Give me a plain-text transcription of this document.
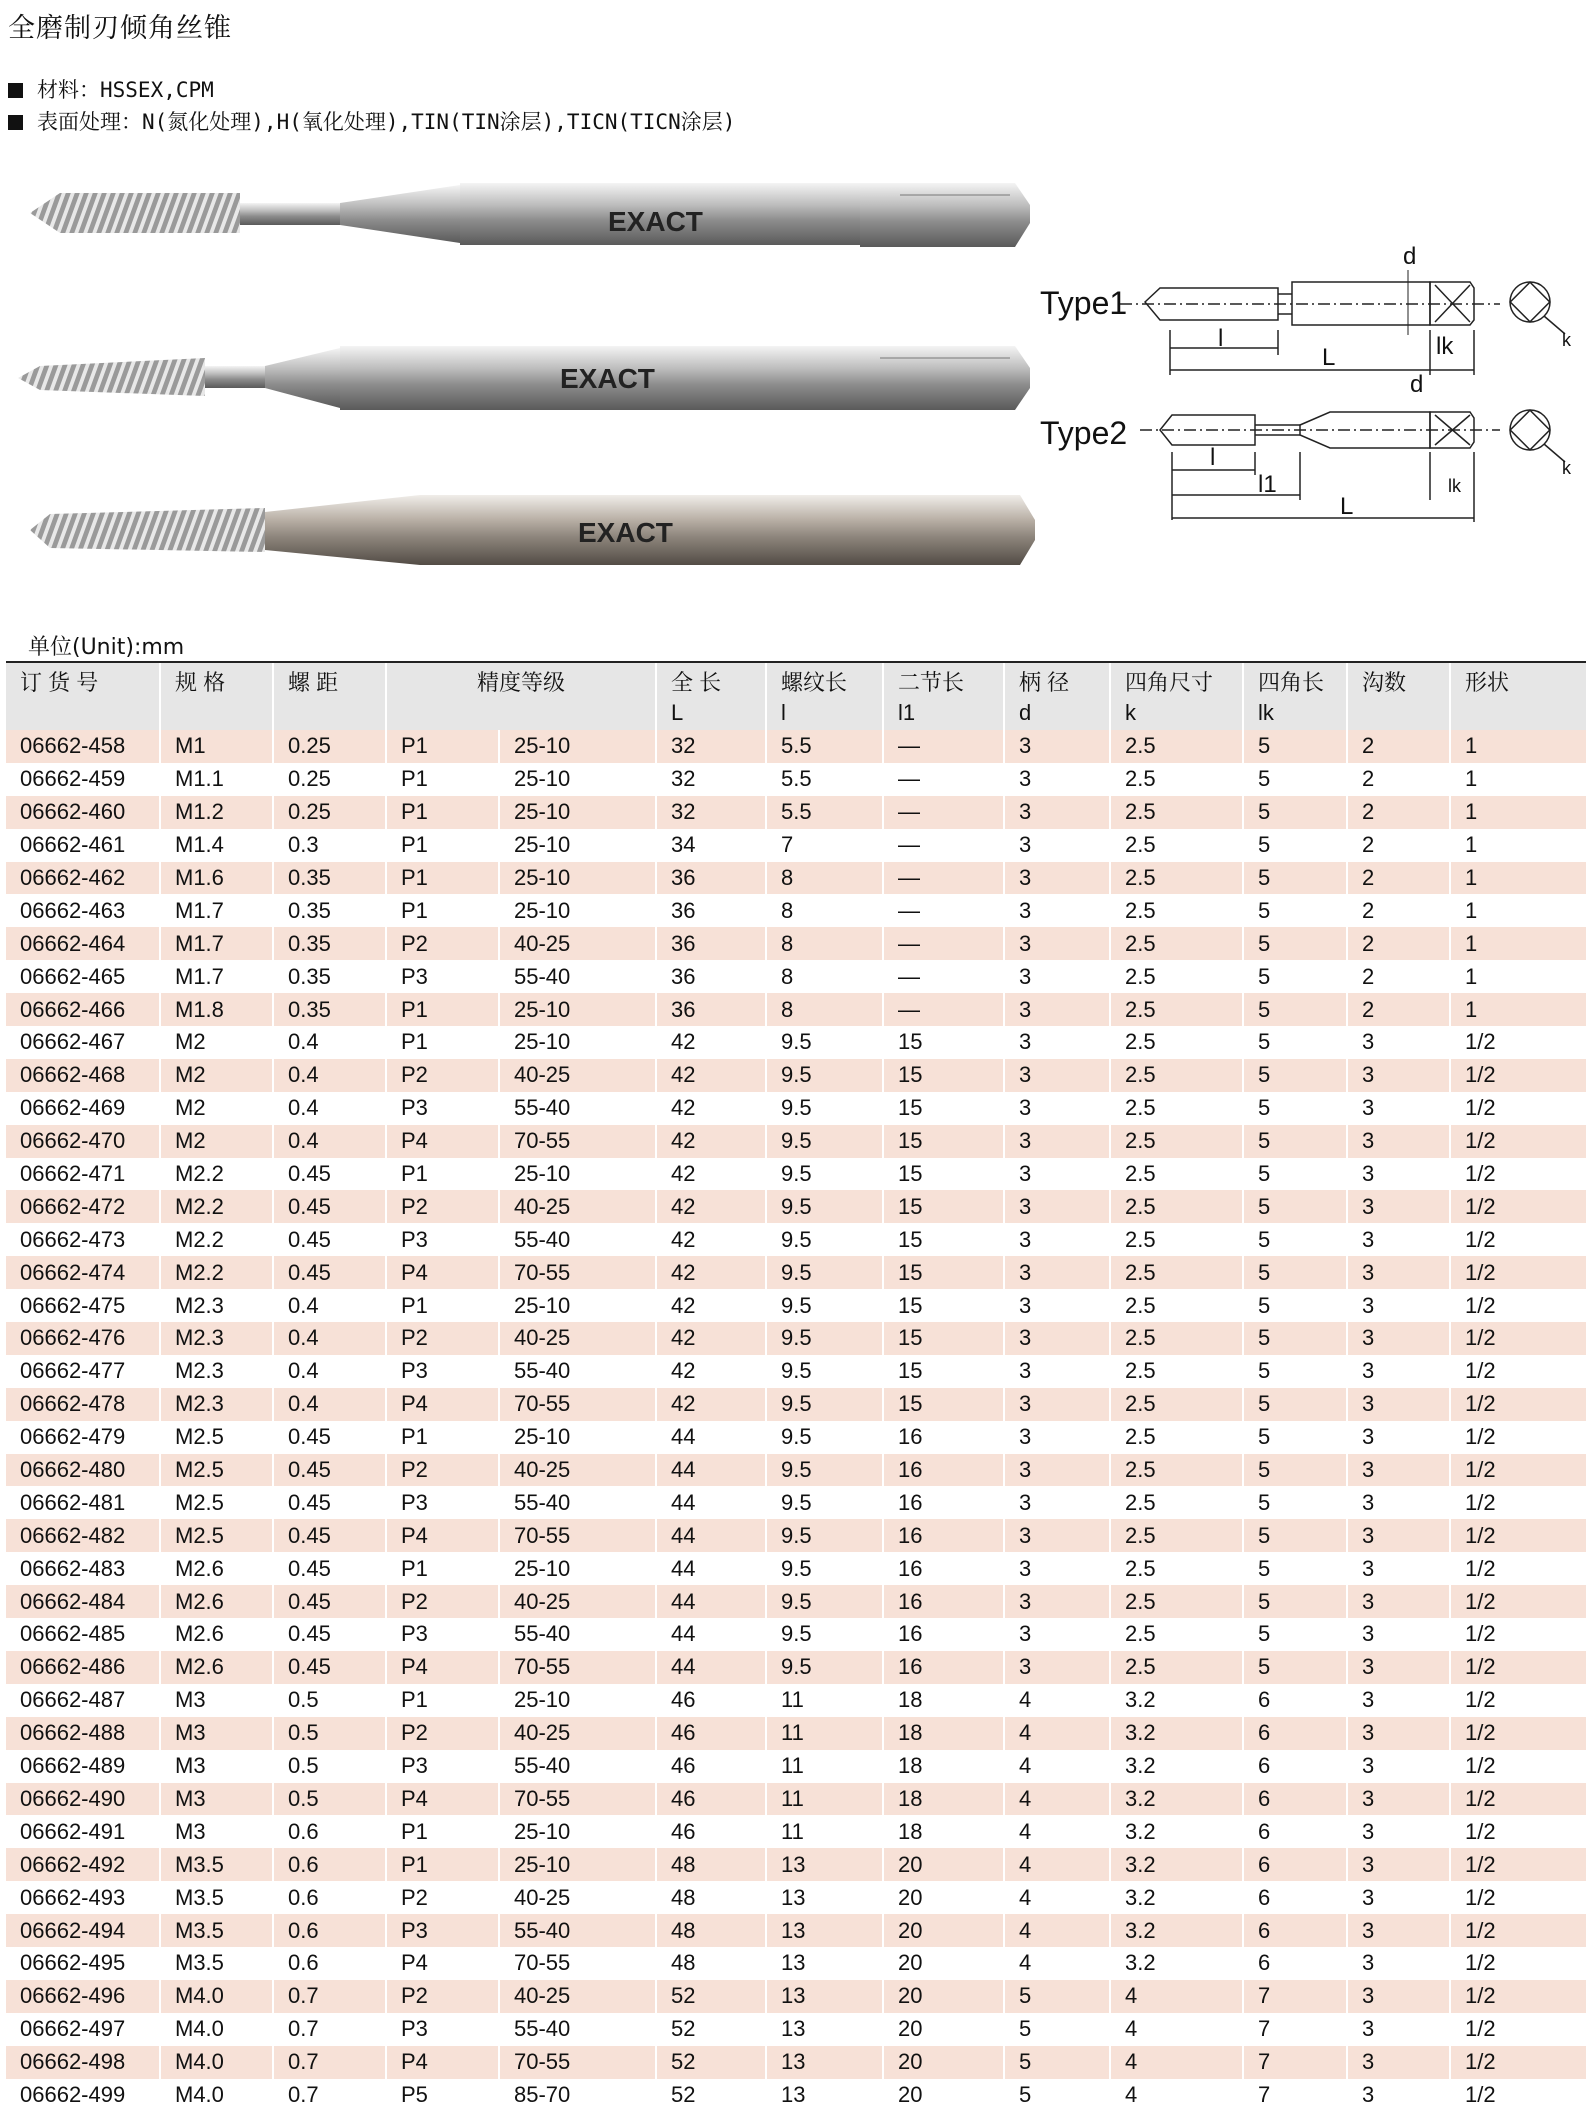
全磨制刃倾角丝锥
材料：HSSEX,CPM
表面处理：N(氮化处理),H(氧化处理),TIN(TIN涂层),TICN(TICN涂层)
EXACT
EXACT
EXACT
Type1
Type2
d
l
L	lk	k
d
l
l1
L
lk
k
单位(Unit):mm
订 货 号	规 格	螺 距	精度等级		全 长	螺纹长	二节长	柄 径	四角尺寸	四角长	沟数	形状
					L	l	l1	d	k	lk		
06662-458	M1	0.25	P1	25-10	32	5.5	—	3	2.5	5	2	1
06662-459	M1.1	0.25	P1	25-10	32	5.5	—	3	2.5	5	2	1
06662-460	M1.2	0.25	P1	25-10	32	5.5	—	3	2.5	5	2	1
06662-461	M1.4	0.3	P1	25-10	34	7	—	3	2.5	5	2	1
06662-462	M1.6	0.35	P1	25-10	36	8	—	3	2.5	5	2	1
06662-463	M1.7	0.35	P1	25-10	36	8	—	3	2.5	5	2	1
06662-464	M1.7	0.35	P2	40-25	36	8	—	3	2.5	5	2	1
06662-465	M1.7	0.35	P3	55-40	36	8	—	3	2.5	5	2	1
06662-466	M1.8	0.35	P1	25-10	36	8	—	3	2.5	5	2	1
06662-467	M2	0.4	P1	25-10	42	9.5	15	3	2.5	5	3	1/2
06662-468	M2	0.4	P2	40-25	42	9.5	15	3	2.5	5	3	1/2
06662-469	M2	0.4	P3	55-40	42	9.5	15	3	2.5	5	3	1/2
06662-470	M2	0.4	P4	70-55	42	9.5	15	3	2.5	5	3	1/2
06662-471	M2.2	0.45	P1	25-10	42	9.5	15	3	2.5	5	3	1/2
06662-472	M2.2	0.45	P2	40-25	42	9.5	15	3	2.5	5	3	1/2
06662-473	M2.2	0.45	P3	55-40	42	9.5	15	3	2.5	5	3	1/2
06662-474	M2.2	0.45	P4	70-55	42	9.5	15	3	2.5	5	3	1/2
06662-475	M2.3	0.4	P1	25-10	42	9.5	15	3	2.5	5	3	1/2
06662-476	M2.3	0.4	P2	40-25	42	9.5	15	3	2.5	5	3	1/2
06662-477	M2.3	0.4	P3	55-40	42	9.5	15	3	2.5	5	3	1/2
06662-478	M2.3	0.4	P4	70-55	42	9.5	15	3	2.5	5	3	1/2
06662-479	M2.5	0.45	P1	25-10	44	9.5	16	3	2.5	5	3	1/2
06662-480	M2.5	0.45	P2	40-25	44	9.5	16	3	2.5	5	3	1/2
06662-481	M2.5	0.45	P3	55-40	44	9.5	16	3	2.5	5	3	1/2
06662-482	M2.5	0.45	P4	70-55	44	9.5	16	3	2.5	5	3	1/2
06662-483	M2.6	0.45	P1	25-10	44	9.5	16	3	2.5	5	3	1/2
06662-484	M2.6	0.45	P2	40-25	44	9.5	16	3	2.5	5	3	1/2
06662-485	M2.6	0.45	P3	55-40	44	9.5	16	3	2.5	5	3	1/2
06662-486	M2.6	0.45	P4	70-55	44	9.5	16	3	2.5	5	3	1/2
06662-487	M3	0.5	P1	25-10	46	11	18	4	3.2	6	3	1/2
06662-488	M3	0.5	P2	40-25	46	11	18	4	3.2	6	3	1/2
06662-489	M3	0.5	P3	55-40	46	11	18	4	3.2	6	3	1/2
06662-490	M3	0.5	P4	70-55	46	11	18	4	3.2	6	3	1/2
06662-491	M3	0.6	P1	25-10	46	11	18	4	3.2	6	3	1/2
06662-492	M3.5	0.6	P1	25-10	48	13	20	4	3.2	6	3	1/2
06662-493	M3.5	0.6	P2	40-25	48	13	20	4	3.2	6	3	1/2
06662-494	M3.5	0.6	P3	55-40	48	13	20	4	3.2	6	3	1/2
06662-495	M3.5	0.6	P4	70-55	48	13	20	4	3.2	6	3	1/2
06662-496	M4.0	0.7	P2	40-25	52	13	20	5	4	7	3	1/2
06662-497	M4.0	0.7	P3	55-40	52	13	20	5	4	7	3	1/2
06662-498	M4.0	0.7	P4	70-55	52	13	20	5	4	7	3	1/2
06662-499	M4.0	0.7	P5	85-70	52	13	20	5	4	7	3	1/2
